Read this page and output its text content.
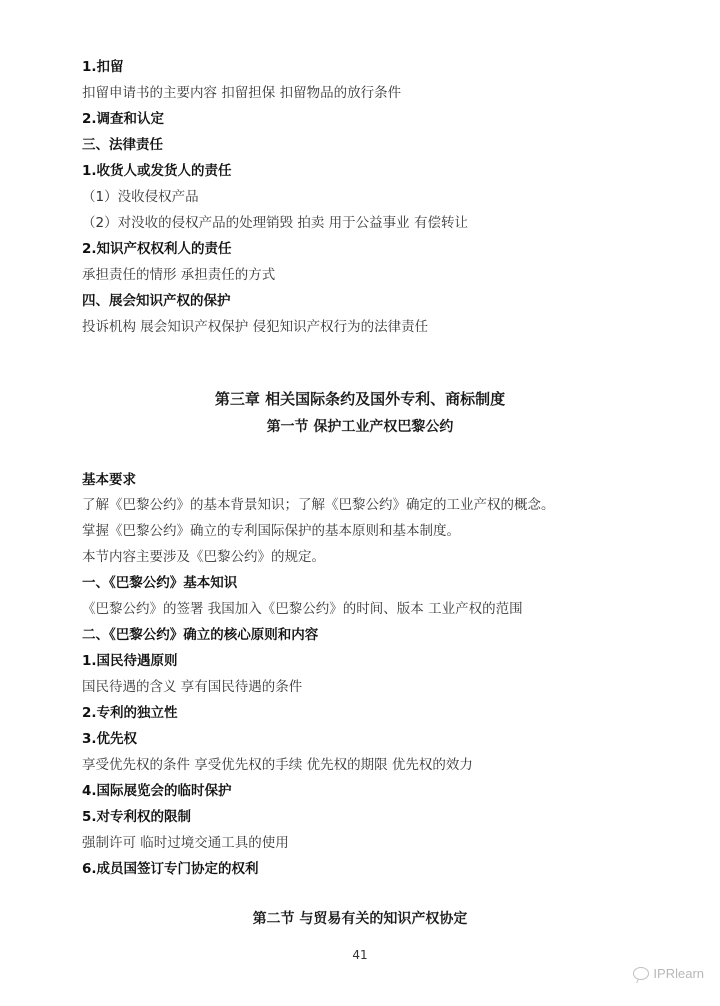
1.扣留
扣留申请书的主要内容 扣留担保 扣留物品的放行条件
2.调查和认定
三、法律责任
1.收货人或发货人的责任
（1）没收侵权产品
（2）对没收的侵权产品的处理销毁 拍卖 用于公益事业 有偿转让
2.知识产权权利人的责任
承担责任的情形 承担责任的方式
四、展会知识产权的保护
投诉机构 展会知识产权保护 侵犯知识产权行为的法律责任
第三章 相关国际条约及国外专利、商标制度
第一节 保护工业产权巴黎公约
基本要求
了解《巴黎公约》的基本背景知识；了解《巴黎公约》确定的工业产权的概念。
掌握《巴黎公约》确立的专利国际保护的基本原则和基本制度。
本节内容主要涉及《巴黎公约》的规定。
一、《巴黎公约》基本知识
《巴黎公约》的签署 我国加入《巴黎公约》的时间、版本 工业产权的范围
二、《巴黎公约》确立的核心原则和内容
1.国民待遇原则
国民待遇的含义 享有国民待遇的条件
2.专利的独立性
3.优先权
享受优先权的条件 享受优先权的手续 优先权的期限 优先权的效力
4.国际展览会的临时保护
5.对专利权的限制
强制许可 临时过境交通工具的使用
6.成员国签订专门协定的权利
第二节 与贸易有关的知识产权协定
41
IPRlearn
